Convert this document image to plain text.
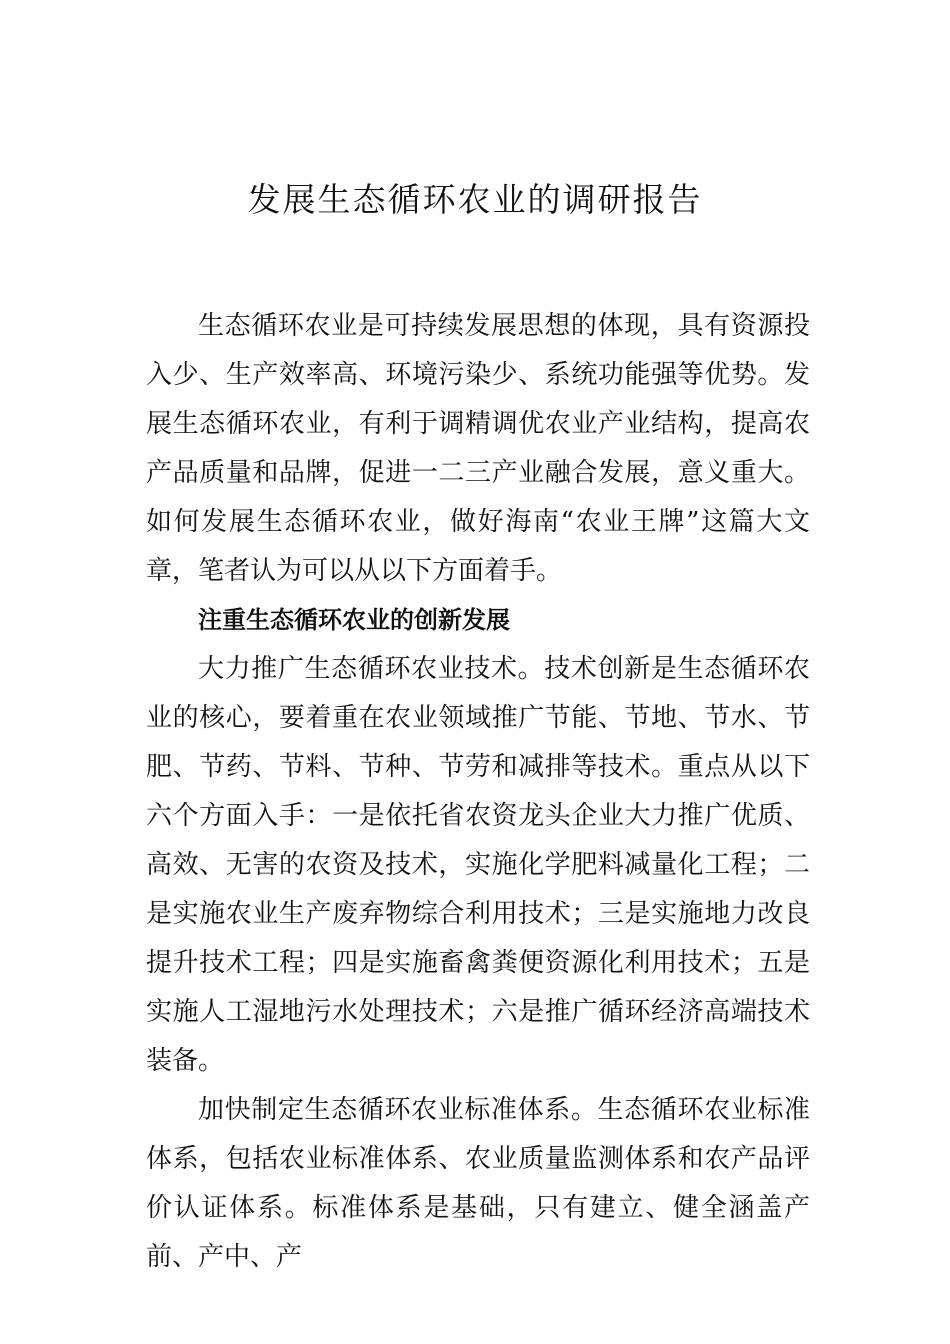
发展生态循环农业的调研报告

生态循环农业是可持续发展思想的体现，具有资源投入少、生产效率高、环境污染少、系统功能强等优势。发展生态循环农业，有利于调精调优农业产业结构，提高农产品质量和品牌，促进一二三产业融合发展，意义重大。如何发展生态循环农业，做好海南“农业王牌”这篇大文章，笔者认为可以从以下方面着手。

注重生态循环农业的创新发展

大力推广生态循环农业技术。技术创新是生态循环农业的核心，要着重在农业领域推广节能、节地、节水、节肥、节药、节料、节种、节劳和减排等技术。重点从以下六个方面入手：一是依托省农资龙头企业大力推广优质、高效、无害的农资及技术，实施化学肥料减量化工程；二是实施农业生产废弃物综合利用技术；三是实施地力改良提升技术工程；四是实施畜禽粪便资源化利用技术；五是实施人工湿地污水处理技术；六是推广循环经济高端技术装备。

加快制定生态循环农业标准体系。生态循环农业标准体系，包括农业标准体系、农业质量监测体系和农产品评价认证体系。标准体系是基础，只有建立、健全涵盖产前、产中、产
